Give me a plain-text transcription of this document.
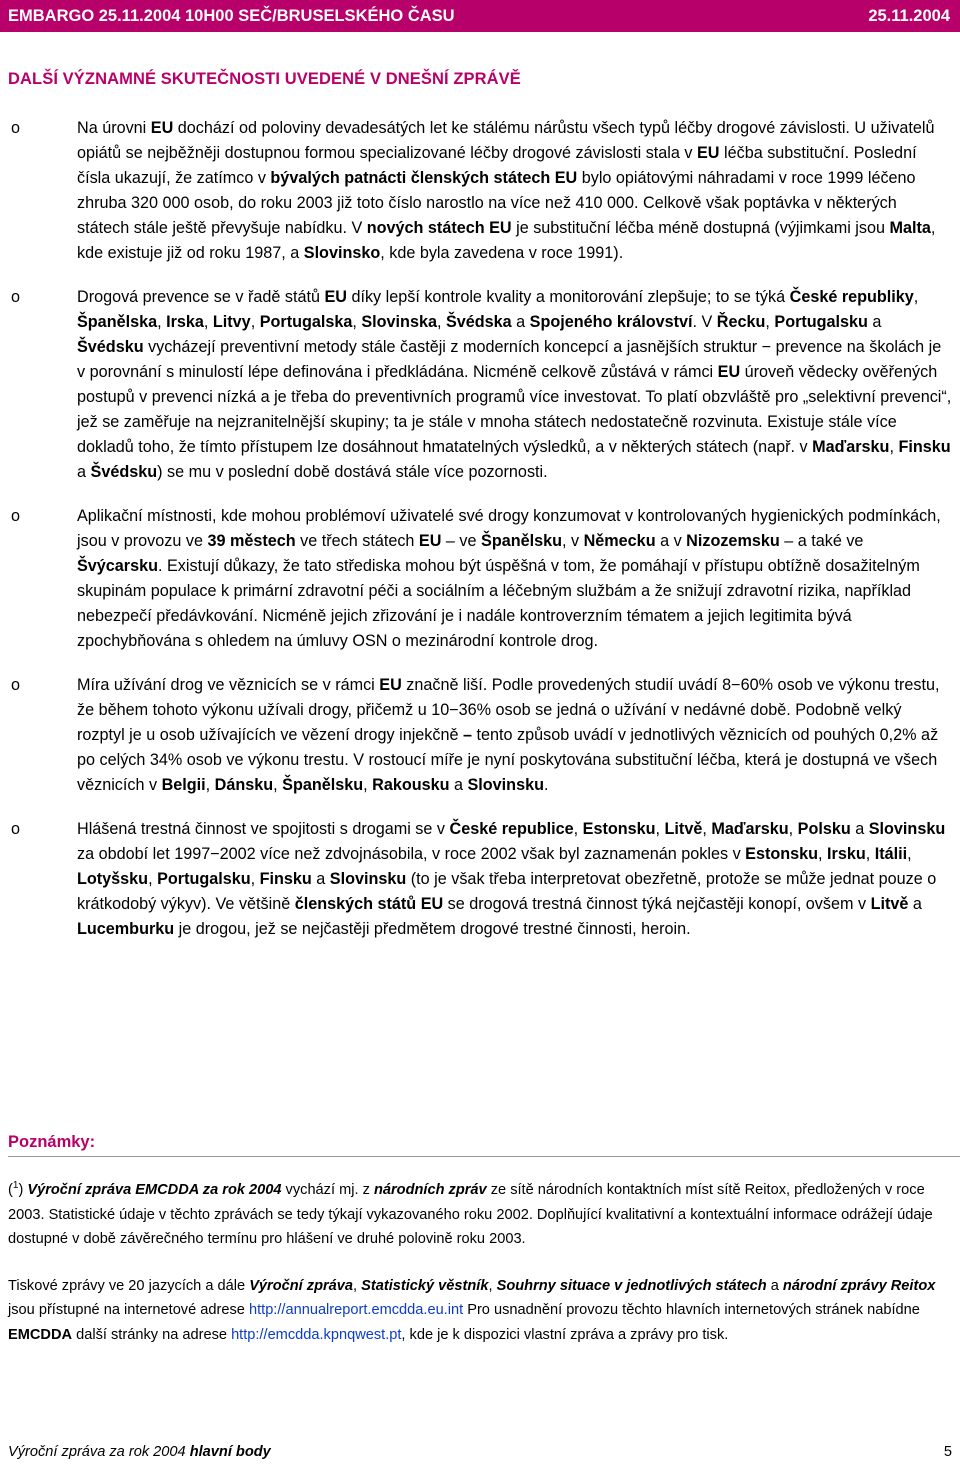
EMBARGO 25.11.2004 10H00 SEČ/BRUSELSKÉHO ČASU	25.11.2004
DALŠÍ VÝZNAMNÉ SKUTEČNOSTI UVEDENÉ V DNEŠNÍ ZPRÁVĚ
o	Na úrovni EU dochází od poloviny devadesátých let ke stálému nárůstu všech typů léčby drogové závislosti. U uživatelů opiátů se nejběžněji dostupnou formou specializované léčby drogové závislosti stala v EU léčba substituční. Poslední čísla ukazují, že zatímco v bývalých patnácti členských státech EU bylo opiátovými náhradami v roce 1999 léčeno zhruba 320 000 osob, do roku 2003 již toto číslo narostlo na více než 410 000. Celkově však poptávka v některých státech stále ještě převyšuje nabídku. V nových státech EU je substituční léčba méně dostupná (výjimkami jsou Malta, kde existuje již od roku 1987, a Slovinsko, kde byla zavedena v roce 1991).

o	Drogová prevence se v řadě států EU díky lepší kontrole kvality a monitorování zlepšuje; to se týká České republiky, Španělska, Irska, Litvy, Portugalska, Slovinska, Švédska a Spojeného království. V Řecku, Portugalsku a Švédsku vycházejí preventivní metody stále častěji z moderních koncepcí a jasnějších struktur − prevence na školách je v porovnání s minulostí lépe definována i předkládána. Nicméně celkově zůstává v rámci EU úroveň vědecky ověřených postupů v prevenci nízká a je třeba do preventivních programů více investovat. To platí obzvláště pro „selektivní prevenci“, jež se zaměřuje na nejzranitelnější skupiny; ta je stále v mnoha státech nedostatečně rozvinuta. Existuje stále více dokladů toho, že tímto přístupem lze dosáhnout hmatatelných výsledků, a v některých státech (např. v Maďarsku, Finsku a Švédsku) se mu v poslední době dostává stále více pozornosti.

o	Aplikační místnosti, kde mohou problémoví uživatelé své drogy konzumovat v kontrolovaných hygienických podmínkách, jsou v provozu ve 39 městech ve třech státech EU – ve Španělsku, v Německu a v Nizozemsku – a také ve Švýcarsku. Existují důkazy, že tato střediska mohou být úspěšná v tom, že pomáhají v přístupu obtížně dosažitelným skupinám populace k primární zdravotní péči a sociálním a léčebným službám a že snižují zdravotní rizika, například nebezpečí předávkování. Nicméně jejich zřizování je i nadále kontroverzním tématem a jejich legitimita bývá zpochybňována s ohledem na úmluvy OSN o mezinárodní kontrole drog.

o	Míra užívání drog ve věznicích se v rámci EU značně liší. Podle provedených studií uvádí 8−60% osob ve výkonu trestu, že během tohoto výkonu užívali drogy, přičemž u 10−36% osob se jedná o užívání v nedávné době. Podobně velký rozptyl je u osob užívajících ve vězení drogy injekčně – tento způsob uvádí v jednotlivých věznicích od pouhých 0,2% až po celých 34% osob ve výkonu trestu. V rostoucí míře je nyní poskytována substituční léčba, která je dostupná ve všech věznicích v Belgii, Dánsku, Španělsku, Rakousku a Slovinsku.

o	Hlášená trestná činnost ve spojitosti s drogami se v České republice, Estonsku, Litvě, Maďarsku, Polsku a Slovinsku za období let 1997−2002 více než zdvojnásobila, v roce 2002 však byl zaznamenán pokles v Estonsku, Irsku, Itálii, Lotyšsku, Portugalsku, Finsku a Slovinsku (to je však třeba interpretovat obezřetně, protože se může jednat pouze o krátkodobý výkyv). Ve většině členských států EU se drogová trestná činnost týká nejčastěji konopí, ovšem v Litvě a Lucemburku je drogou, jež se nejčastěji předmětem drogové trestné činnosti, heroin.

Poznámky:

($^1$) Výroční zpráva EMCDDA za rok 2004 vychází mj. z národních zpráv ze sítě národních kontaktních míst sítě Reitox, předložených v roce 2003. Statistické údaje v těchto zprávách se tedy týkají vykazovaného roku 2002. Doplňující kvalitativní a kontextuální informace odrážejí údaje dostupné v době závěrečného termínu pro hlášení ve druhé polovině roku 2003.

Tiskové zprávy ve 20 jazycích a dále Výroční zpráva, Statistický věstník, Souhrny situace v jednotlivých státech a národní zprávy Reitox jsou přístupné na internetové adrese http://annualreport.emcdda.eu.int Pro usnadnění provozu těchto hlavních internetových stránek nabídne EMCDDA další stránky na adrese http://emcdda.kpnqwest.pt, kde je k dispozici vlastní zpráva a zprávy pro tisk.

Výroční zpráva za rok 2004 hlavní body	5
